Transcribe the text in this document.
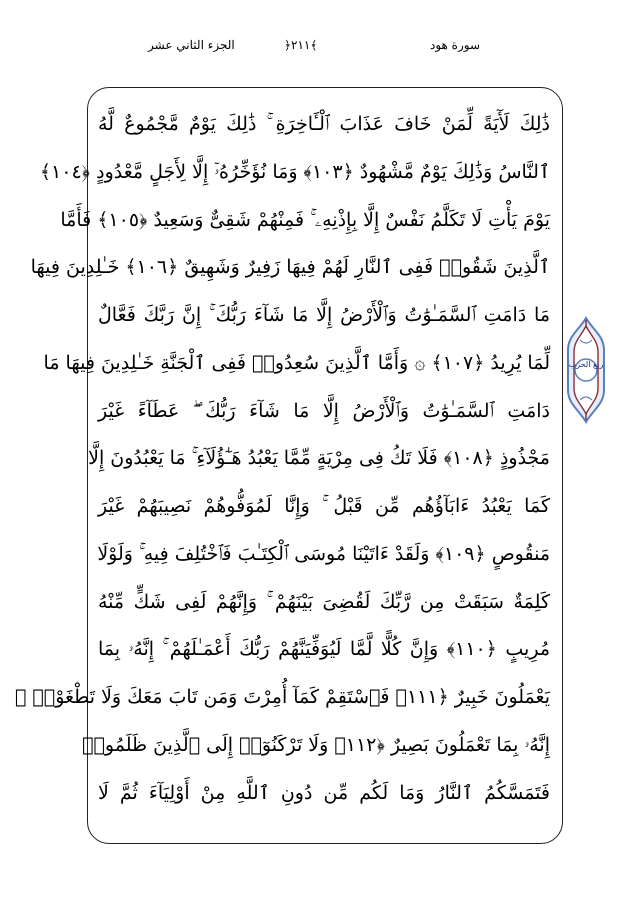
الجزء الثاني عشر	﴿٢١١﴾	سورة هود
ذَٰلِكَ لَأٓيَةً لِّمَنْ خَافَ عَذَابَ ٱلْـَٔاخِرَةِ ۚ ذَٰلِكَ يَوْمٌ مَّجْمُوعٌ لَّهُ
ٱلنَّاسُ وَذَٰلِكَ يَوْمٌ مَّشْهُودٌ ﴿١٠٣﴾ وَمَا نُؤَخِّرُهُۥٓ إِلَّا لِأَجَلٍ مَّعْدُودٍ ﴿١٠٤﴾
يَوْمَ يَأْتِ لَا تَكَلَّمُ نَفْسٌ إِلَّا بِإِذْنِهِۦ ۚ فَمِنْهُمْ شَقِىٌّ وَسَعِيدٌ ﴿١٠٥﴾ فَأَمَّا
ٱلَّذِينَ شَقُوا۟ فَفِى ٱلنَّارِ لَهُمْ فِيهَا زَفِيرٌ وَشَهِيقٌ ﴿١٠٦﴾ خَـٰلِدِينَ فِيهَا
مَا دَامَتِ ٱلسَّمَـٰوَٰتُ وَٱلْأَرْضُ إِلَّا مَا شَآءَ رَبُّكَ ۚ إِنَّ رَبَّكَ فَعَّالٌ
لِّمَا يُرِيدُ ﴿١٠٧﴾ ۞ وَأَمَّا ٱلَّذِينَ سُعِدُوا۟ فَفِى ٱلْجَنَّةِ خَـٰلِدِينَ فِيهَا مَا
دَامَتِ ٱلسَّمَـٰوَٰتُ وَٱلْأَرْضُ إِلَّا مَا شَآءَ رَبُّكَ ۖ عَطَآءً غَيْرَ
مَجْذُوذٍ ﴿١٠٨﴾ فَلَا تَكُ فِى مِرْيَةٍ مِّمَّا يَعْبُدُ هَـٰٓؤُلَآءِ ۚ مَا يَعْبُدُونَ إِلَّا
كَمَا يَعْبُدُ ءَابَآؤُهُم مِّن قَبْلُ ۚ وَإِنَّا لَمُوَفُّوهُمْ نَصِيبَهُمْ غَيْرَ
مَنقُوصٍ ﴿١٠٩﴾ وَلَقَدْ ءَاتَيْنَا مُوسَى ٱلْكِتَـٰبَ فَٱخْتُلِفَ فِيهِ ۚ وَلَوْلَا
كَلِمَةٌ سَبَقَتْ مِن رَّبِّكَ لَقُضِىَ بَيْنَهُمْ ۚ وَإِنَّهُمْ لَفِى شَكٍّ مِّنْهُ
مُرِيبٍ ﴿١١٠﴾ وَإِنَّ كُلًّا لَّمَّا لَيُوَفِّيَنَّهُمْ رَبُّكَ أَعْمَـٰلَهُمْ ۚ إِنَّهُۥ بِمَا
يَعْمَلُونَ خَبِيرٌ ﴿١١١﴾ فَٱسْتَقِمْ كَمَآ أُمِرْتَ وَمَن تَابَ مَعَكَ وَلَا تَطْغَوْا۟ ۚ
إِنَّهُۥ بِمَا تَعْمَلُونَ بَصِيرٌ ﴿١١٢﴾ وَلَا تَرْكَنُوٓا۟ إِلَى ٱلَّذِينَ ظَلَمُوا۟
فَتَمَسَّكُمُ ٱلنَّارُ وَمَا لَكُم مِّن دُونِ ٱللَّهِ مِنْ أَوْلِيَآءَ ثُمَّ لَا
ربع الحزب
